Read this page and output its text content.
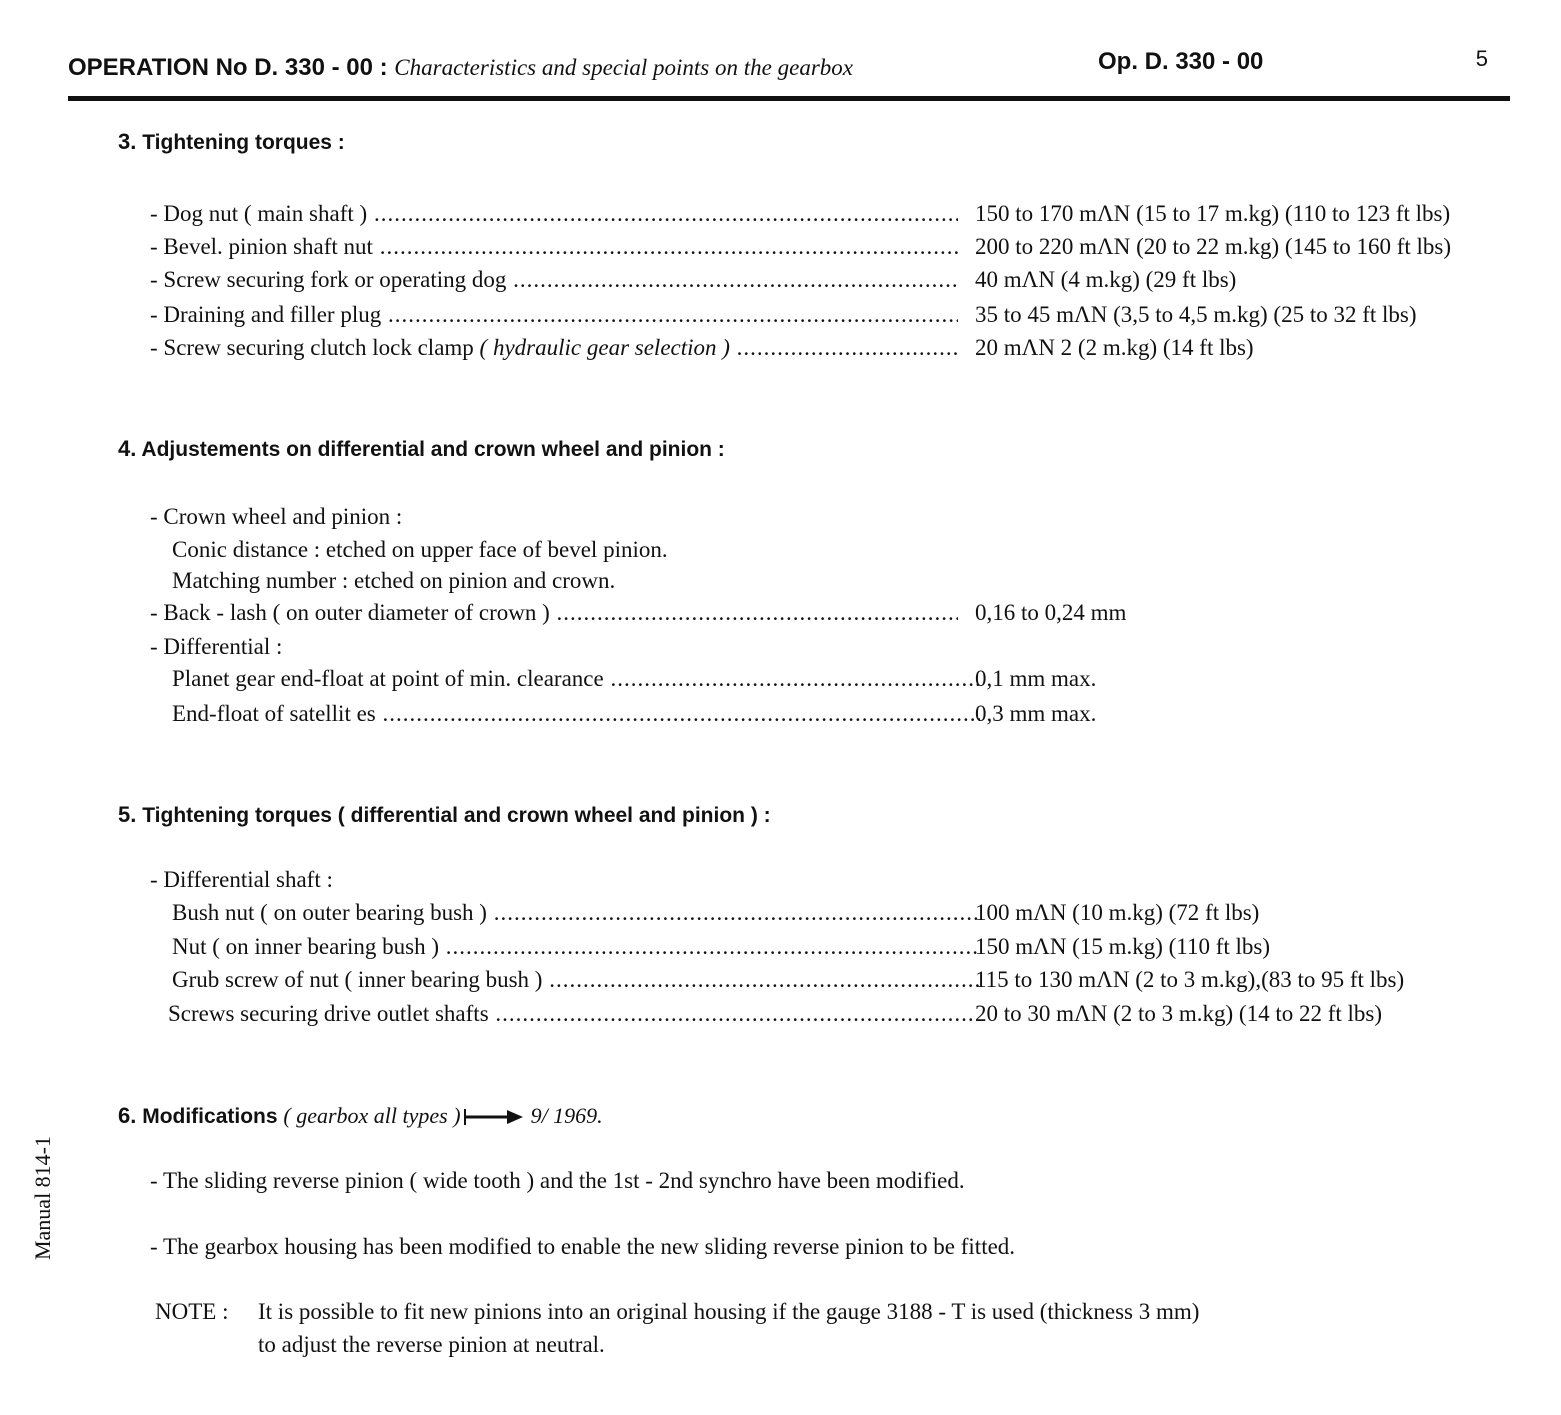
OPERATION No D. 330 - 00 : Characteristics and special points on the gearbox	Op. D. 330 - 00	5
3. Tightening torques :
- Dog nut ( main shaft ) .....	150 to 170 mΛN (15 to 17 m.kg) (110 to 123 ft lbs)
- Bevel. pinion shaft nut .....	200 to 220 mΛN (20 to 22 m.kg) (145 to 160 ft lbs)
- Screw securing fork or operating dog .....	40 mΛN (4 m.kg) (29 ft lbs)
- Draining and filler plug .....	35 to 45 mΛN (3,5 to 4,5 m.kg) (25 to 32 ft lbs)
- Screw securing clutch lock clamp ( hydraulic gear selection ) .....	20 mΛN 2 (2 m.kg) (14 ft lbs)
4. Adjustements on differential and crown wheel and pinion :
- Crown wheel and pinion :
Conic distance : etched on upper face of bevel pinion.
Matching number : etched on pinion and crown.
- Back - lash ( on outer diameter of crown ) .....	0,16 to 0,24 mm
- Differential :
Planet gear end-float at point of min. clearance .....	0,1 mm max.
End-float of satellit es .....	0,3 mm max.
5. Tightening torques ( differential and crown wheel and pinion ) :
- Differential shaft :
Bush nut ( on outer bearing bush ) .....	100 mΛN (10 m.kg) (72 ft lbs)
Nut ( on inner bearing bush ) .....	150 mΛN (15 m.kg) (110 ft lbs)
Grub screw of nut ( inner bearing bush ) .....	115 to 130 mΛN (2 to 3 m.kg),(83 to 95 ft lbs)
Screws securing drive outlet shafts .....	20 to 30 mΛN (2 to 3 m.kg) (14 to 22 ft lbs)
6. Modifications ( gearbox all types )	9/ 1969.
- The sliding reverse pinion ( wide tooth ) and the 1st - 2nd synchro have been modified.
- The gearbox housing has been modified to enable the new sliding reverse pinion to be fitted.
NOTE : It is possible to fit new pinions into an original housing if the gauge 3188 - T is used (thickness 3 mm)
to adjust the reverse pinion at neutral.
Manual 814-1
